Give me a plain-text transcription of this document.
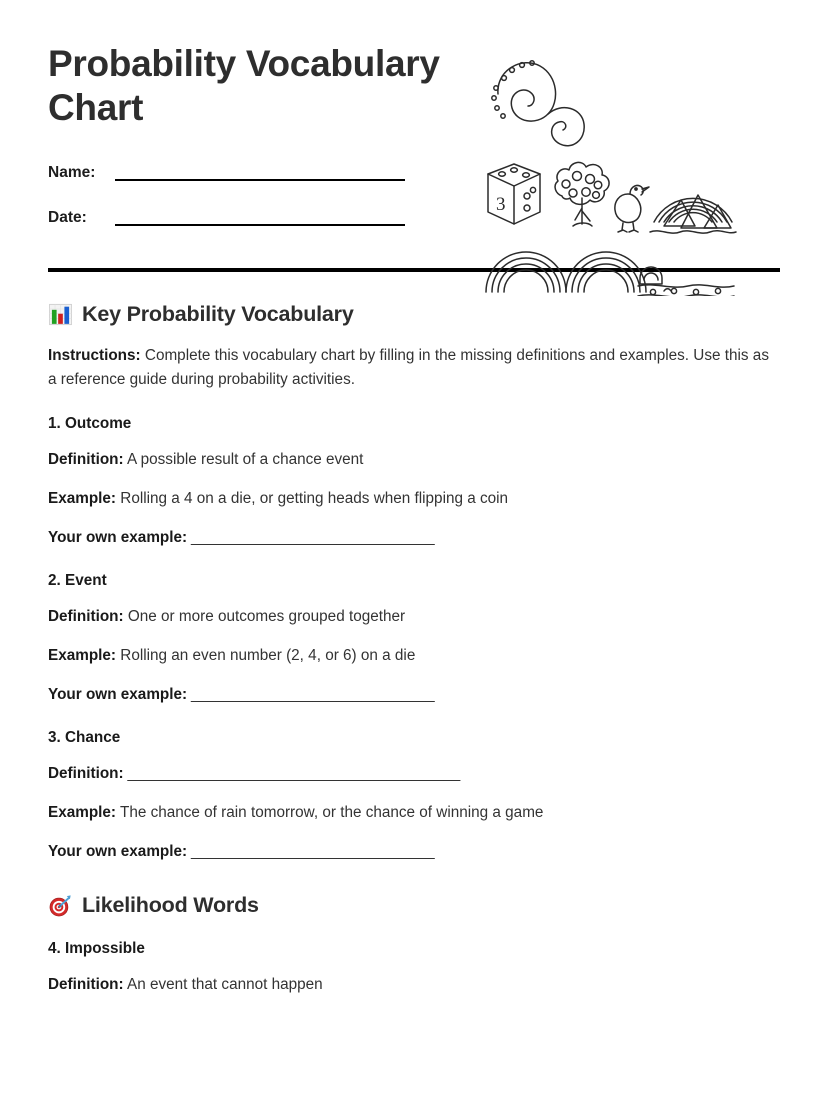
Probability Vocabulary Chart
Name:
Date:
3
Key Probability Vocabulary

Instructions: Complete this vocabulary chart by filling in the missing definitions and examples. Use this as a reference guide during probability activities.

1. Outcome
Definition: A possible result of a chance event
Example: Rolling a 4 on a die, or getting heads when flipping a coin
Your own example: ______________________________
2. Event
Definition: One or more outcomes grouped together
Example: Rolling an even number (2, 4, or 6) on a die
Your own example: ______________________________
3. Chance
Definition: _________________________________________
Example: The chance of rain tomorrow, or the chance of winning a game
Your own example: ______________________________
Likelihood Words
4. Impossible
Definition: An event that cannot happen
